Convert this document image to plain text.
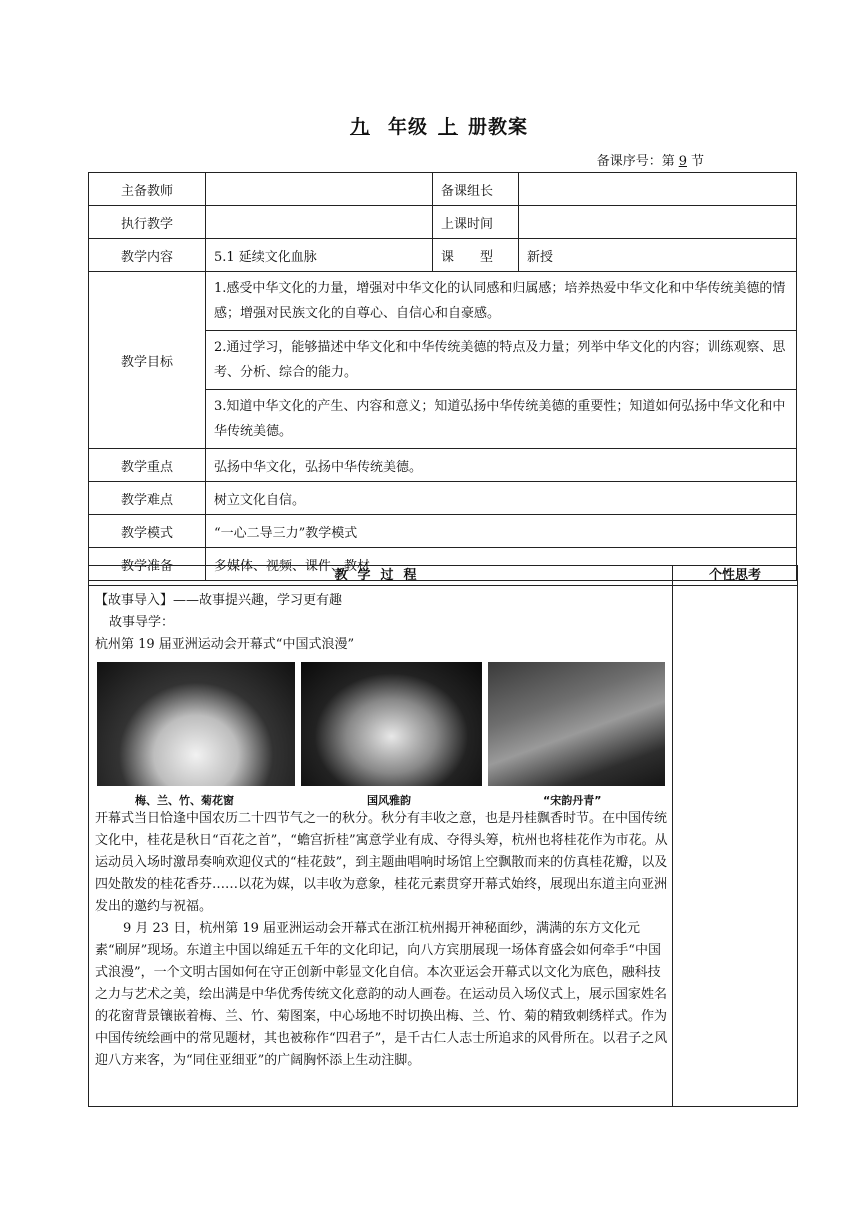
九 年级 上 册教案
备课序号：第 9 节
主备教师		备课组长	
执行教学		上课时间	
教学内容	5.1 延续文化血脉	课　　型	新授
教学目标	1.感受中华文化的力量，增强对中华文化的认同感和归属感；培养热爱中华文化和中华传统美德的情感；增强对民族文化的自尊心、自信心和自豪感。		

	2.通过学习，能够描述中华文化和中华传统美德的特点及力量；列举中华文化的内容；训练观察、思考、分析、综合的能力。		

	3.知道中华文化的产生、内容和意义；知道弘扬中华传统美德的重要性；知道如何弘扬中华文化和中华传统美德。		

教学重点	弘扬中华文化，弘扬中华传统美德。		
教学难点	树立文化自信。		
教学模式	“一心二导三力”教学模式		
教学准备	多媒体、视频、课件、教材		
教学过程	个性思考

【故事导入】——故事提兴趣，学习更有趣

故事导学：

杭州第 19 届亚洲运动会开幕式“中国式浪漫”

梅、兰、竹、菊花窗	国风雅韵	“宋韵丹青”

开幕式当日恰逢中国农历二十四节气之一的秋分。秋分有丰收之意，也是丹桂飘香时节。在中国传统文化中，桂花是秋日“百花之首”，“蟾宫折桂”寓意学业有成、夺得头筹，杭州也将桂花作为市花。从运动员入场时激昂奏响欢迎仪式的“桂花鼓”，到主题曲唱响时场馆上空飘散而来的仿真桂花瓣，以及四处散发的桂花香芬……以花为媒，以丰收为意象，桂花元素贯穿开幕式始终，展现出东道主向亚洲发出的邀约与祝福。

9 月 23 日，杭州第 19 届亚洲运动会开幕式在浙江杭州揭开神秘面纱，满满的东方文化元素“刷屏”现场。东道主中国以绵延五千年的文化印记，向八方宾朋展现一场体育盛会如何牵手“中国式浪漫”，一个文明古国如何在守正创新中彰显文化自信。本次亚运会开幕式以文化为底色，融科技之力与艺术之美，绘出满是中华优秀传统文化意韵的动人画卷。在运动员入场仪式上，展示国家姓名的花窗背景镶嵌着梅、兰、竹、菊图案，中心场地不时切换出梅、兰、竹、菊的精致刺绣样式。作为中国传统绘画中的常见题材，其也被称作“四君子”，是千古仁人志士所追求的风骨所在。以君子之风迎八方来客，为“同住亚细亚”的广阔胸怀添上生动注脚。
